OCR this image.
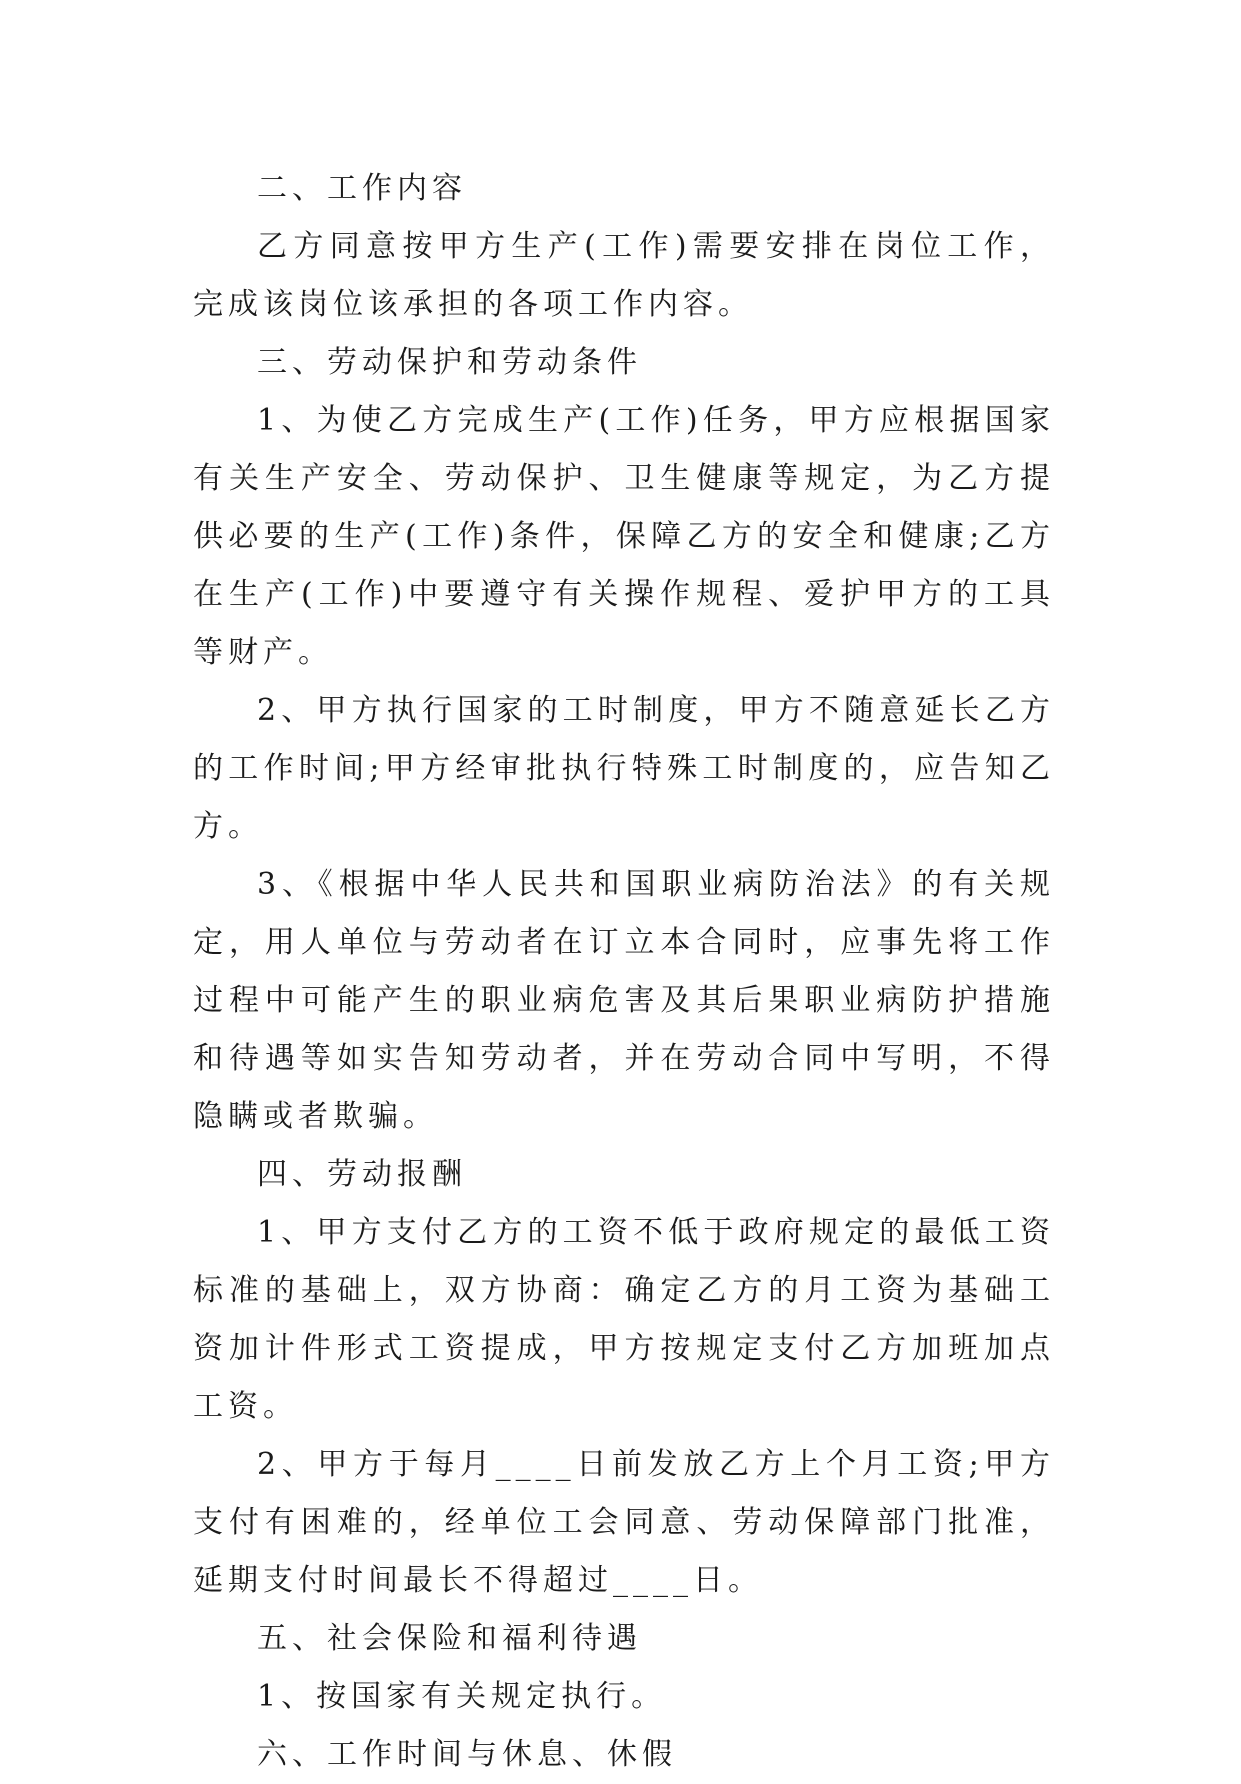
二、工作内容

乙方同意按甲方生产(工作)需要安排在岗位工作，完成该岗位该承担的各项工作内容。

三、劳动保护和劳动条件

1、为使乙方完成生产(工作)任务，甲方应根据国家有关生产安全、劳动保护、卫生健康等规定，为乙方提供必要的生产(工作)条件，保障乙方的安全和健康;乙方在生产(工作)中要遵守有关操作规程、爱护甲方的工具等财产。

2、甲方执行国家的工时制度，甲方不随意延长乙方的工作时间;甲方经审批执行特殊工时制度的，应告知乙方。

3、《根据中华人民共和国职业病防治法》的有关规定，用人单位与劳动者在订立本合同时，应事先将工作过程中可能产生的职业病危害及其后果职业病防护措施和待遇等如实告知劳动者，并在劳动合同中写明，不得隐瞒或者欺骗。

四、劳动报酬

1、甲方支付乙方的工资不低于政府规定的最低工资标准的基础上，双方协商：确定乙方的月工资为基础工资加计件形式工资提成，甲方按规定支付乙方加班加点工资。

2、甲方于每月____日前发放乙方上个月工资;甲方支付有困难的，经单位工会同意、劳动保障部门批准，延期支付时间最长不得超过____日。

五、社会保险和福利待遇

1、按国家有关规定执行。

六、工作时间与休息、休假
